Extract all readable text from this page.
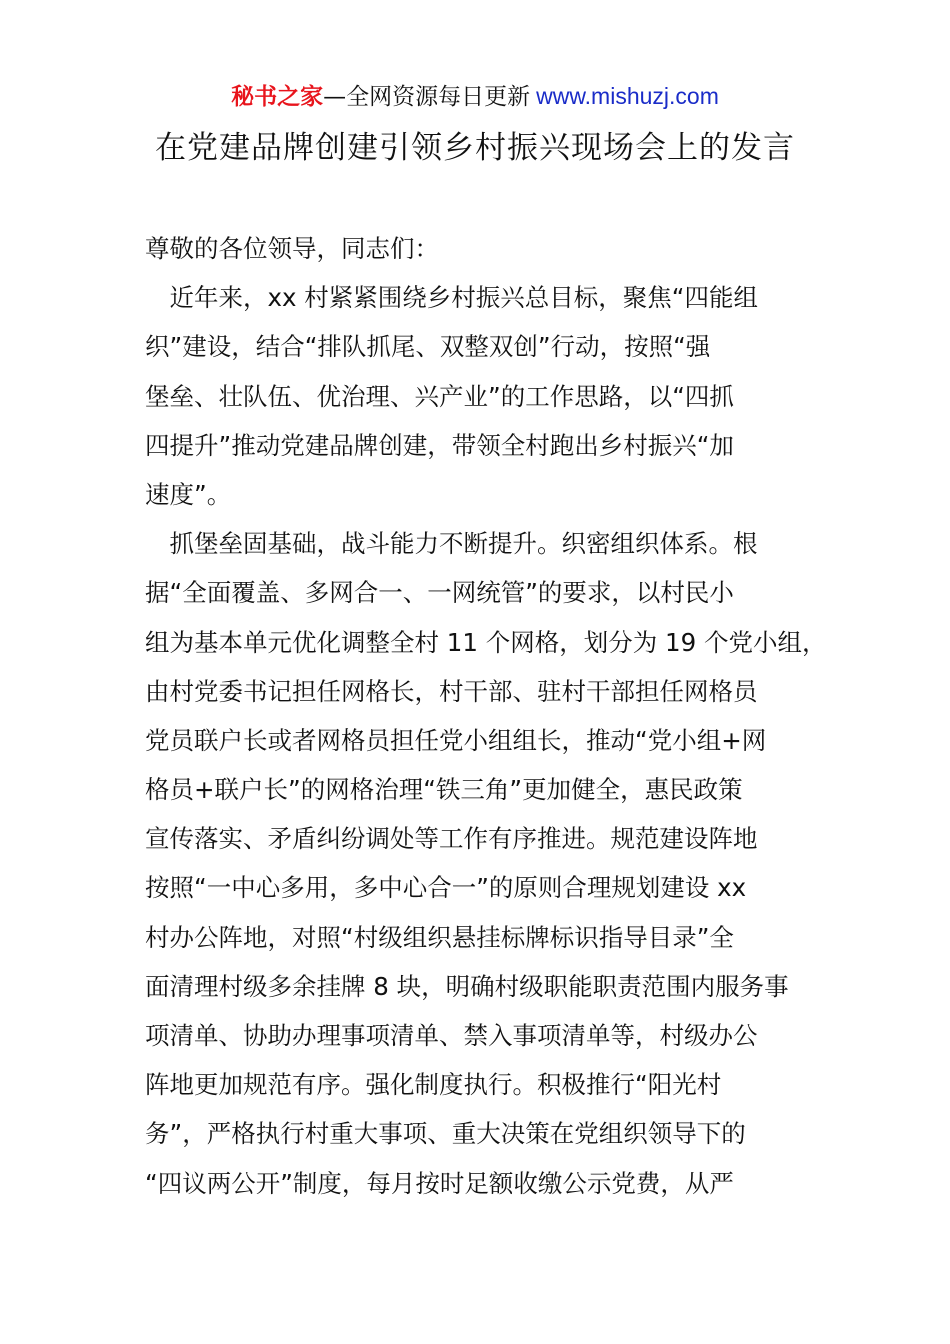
秘书之家—全网资源每日更新 www.mishuzj.com
在党建品牌创建引领乡村振兴现场会上的发言
尊敬的各位领导，同志们：
　近年来，xx 村紧紧围绕乡村振兴总目标，聚焦“四能组
织”建设，结合“排队抓尾、双整双创”行动，按照“强
堡垒、壮队伍、优治理、兴产业”的工作思路，以“四抓
四提升”推动党建品牌创建，带领全村跑出乡村振兴“加
速度”。
　抓堡垒固基础，战斗能力不断提升。织密组织体系。根
据“全面覆盖、多网合一、一网统管”的要求，以村民小
组为基本单元优化调整全村 11 个网格，划分为 19 个党小组，
由村党委书记担任网格长，村干部、驻村干部担任网格员
党员联户长或者网格员担任党小组组长，推动“党小组+网
格员+联户长”的网格治理“铁三角”更加健全，惠民政策
宣传落实、矛盾纠纷调处等工作有序推进。规范建设阵地
按照“一中心多用，多中心合一”的原则合理规划建设 xx
村办公阵地，对照“村级组织悬挂标牌标识指导目录”全
面清理村级多余挂牌 8 块，明确村级职能职责范围内服务事
项清单、协助办理事项清单、禁入事项清单等，村级办公
阵地更加规范有序。强化制度执行。积极推行“阳光村
务”，严格执行村重大事项、重大决策在党组织领导下的
“四议两公开”制度，每月按时足额收缴公示党费，从严
